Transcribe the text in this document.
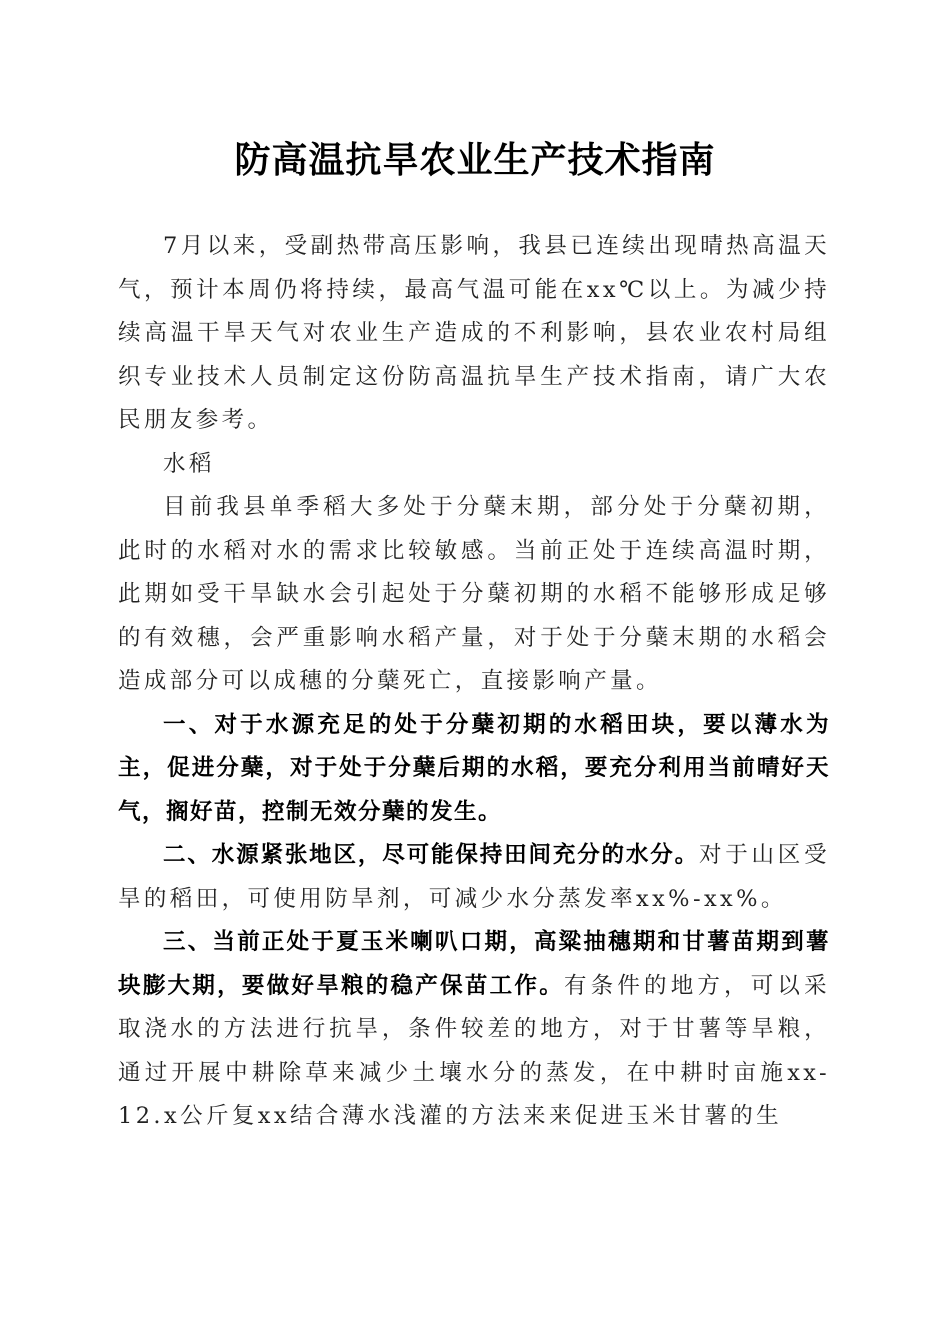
防高温抗旱农业生产技术指南

7月以来，受副热带高压影响，我县已连续出现晴热高温天气，预计本周仍将持续，最高气温可能在xx℃以上。为减少持续高温干旱天气对农业生产造成的不利影响，县农业农村局组织专业技术人员制定这份防高温抗旱生产技术指南，请广大农民朋友参考。

水稻

目前我县单季稻大多处于分蘖末期，部分处于分蘖初期，此时的水稻对水的需求比较敏感。当前正处于连续高温时期，此期如受干旱缺水会引起处于分蘖初期的水稻不能够形成足够的有效穗，会严重影响水稻产量，对于处于分蘖末期的水稻会造成部分可以成穗的分蘖死亡，直接影响产量。

一、对于水源充足的处于分蘖初期的水稻田块，要以薄水为主，促进分蘖，对于处于分蘖后期的水稻，要充分利用当前晴好天气，搁好苗，控制无效分蘖的发生。

二、水源紧张地区，尽可能保持田间充分的水分。对于山区受旱的稻田，可使用防旱剂，可减少水分蒸发率xx%-xx%。

三、当前正处于夏玉米喇叭口期，高粱抽穗期和甘薯苗期到薯块膨大期，要做好旱粮的稳产保苗工作。有条件的地方，可以采取浇水的方法进行抗旱，条件较差的地方，对于甘薯等旱粮，通过开展中耕除草来减少土壤水分的蒸发，在中耕时亩施xx-12.x公斤复xx结合薄水浅灌的方法来来促进玉米甘薯的生
